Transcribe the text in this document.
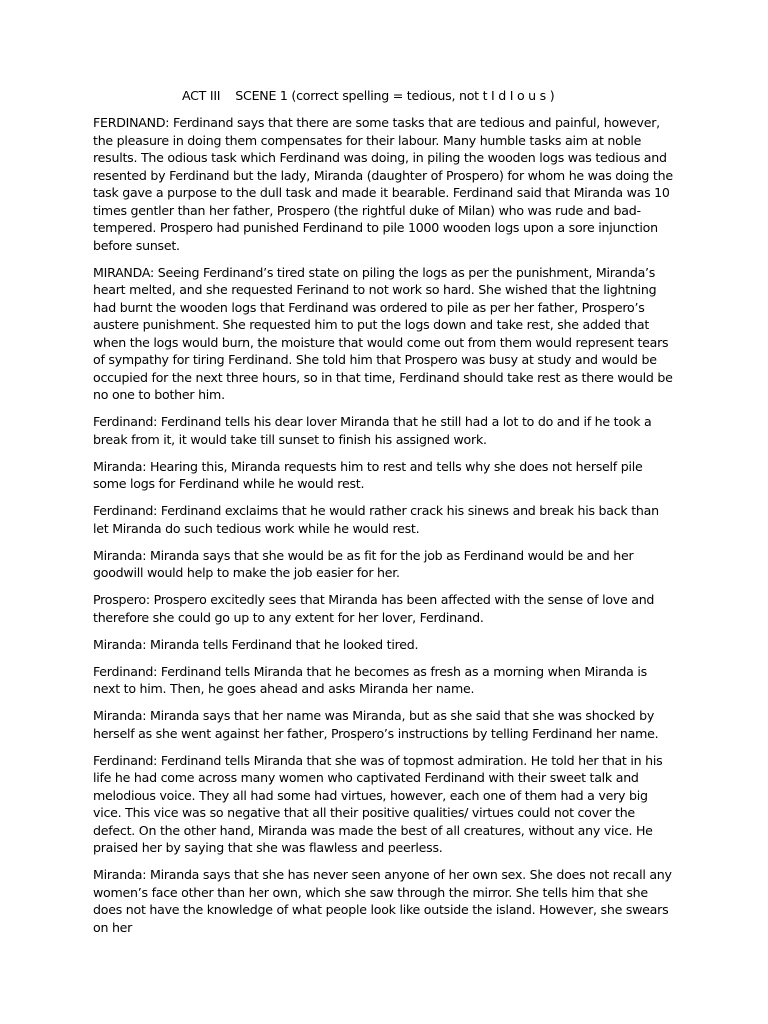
ACT III    SCENE 1 (correct spelling = tedious, not t I d I o u s )

FERDINAND: Ferdinand says that there are some tasks that are tedious and painful, however, the pleasure in doing them compensates for their labour. Many humble tasks aim at noble results. The odious task which Ferdinand was doing, in piling the wooden logs was tedious and resented by Ferdinand but the lady, Miranda (daughter of Prospero) for whom he was doing the task gave a purpose to the dull task and made it bearable. Ferdinand said that Miranda was 10 times gentler than her father, Prospero (the rightful duke of Milan) who was rude and bad-tempered. Prospero had punished Ferdinand to pile 1000 wooden logs upon a sore injunction before sunset.

MIRANDA: Seeing Ferdinand’s tired state on piling the logs as per the punishment, Miranda’s heart melted, and she requested Ferinand to not work so hard. She wished that the lightning had burnt the wooden logs that Ferdinand was ordered to pile as per her father, Prospero’s austere punishment. She requested him to put the logs down and take rest, she added that when the logs would burn, the moisture that would come out from them would represent tears of sympathy for tiring Ferdinand. She told him that Prospero was busy at study and would be occupied for the next three hours, so in that time, Ferdinand should take rest as there would be no one to bother him.

Ferdinand: Ferdinand tells his dear lover Miranda that he still had a lot to do and if he took a break from it, it would take till sunset to finish his assigned work.

Miranda: Hearing this, Miranda requests him to rest and tells why she does not herself pile some logs for Ferdinand while he would rest.

Ferdinand: Ferdinand exclaims that he would rather crack his sinews and break his back than let Miranda do such tedious work while he would rest.

Miranda: Miranda says that she would be as fit for the job as Ferdinand would be and her goodwill would help to make the job easier for her.

Prospero: Prospero excitedly sees that Miranda has been affected with the sense of love and therefore she could go up to any extent for her lover, Ferdinand.

Miranda: Miranda tells Ferdinand that he looked tired.

Ferdinand: Ferdinand tells Miranda that he becomes as fresh as a morning when Miranda is next to him. Then, he goes ahead and asks Miranda her name.

Miranda: Miranda says that her name was Miranda, but as she said that she was shocked by herself as she went against her father, Prospero’s instructions by telling Ferdinand her name.

Ferdinand: Ferdinand tells Miranda that she was of topmost admiration. He told her that in his life he had come across many women who captivated Ferdinand with their sweet talk and melodious voice. They all had some had virtues, however, each one of them had a very big vice. This vice was so negative that all their positive qualities/ virtues could not cover the defect. On the other hand, Miranda was made the best of all creatures, without any vice. He praised her by saying that she was flawless and peerless.

Miranda: Miranda says that she has never seen anyone of her own sex. She does not recall any women’s face other than her own, which she saw through the mirror. She tells him that she does not have the knowledge of what people look like outside the island. However, she swears on her
